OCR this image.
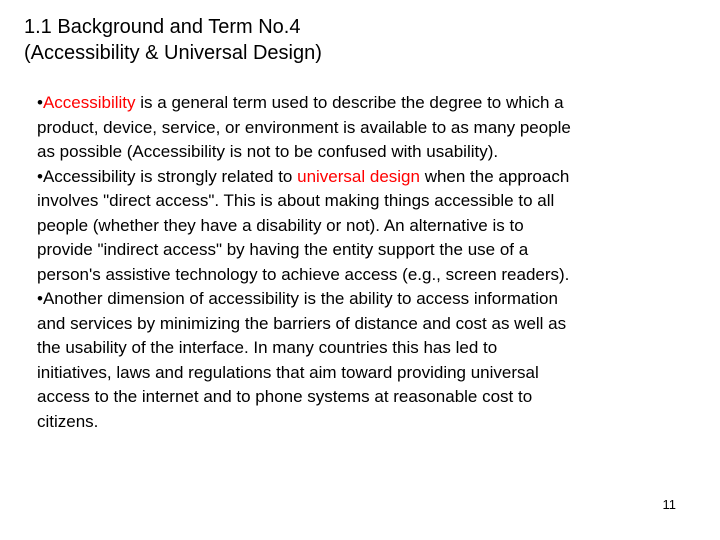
1.1 Background and Term No.4
(Accessibility & Universal Design)

•Accessibility is a general term used to describe the degree to which a
product, device, service, or environment is available to as many people
as possible (Accessibility is not to be confused with usability).

•Accessibility is strongly related to universal design when the approach
involves "direct access". This is about making things accessible to all
people (whether they have a disability or not). An alternative is to
provide "indirect access" by having the entity support the use of a
person's assistive technology to achieve access (e.g., screen readers).

•Another dimension of accessibility is the ability to access information
and services by minimizing the barriers of distance and cost as well as
the usability of the interface. In many countries this has led to
initiatives, laws and regulations that aim toward providing universal
access to the internet and to phone systems at reasonable cost to
citizens.

11
